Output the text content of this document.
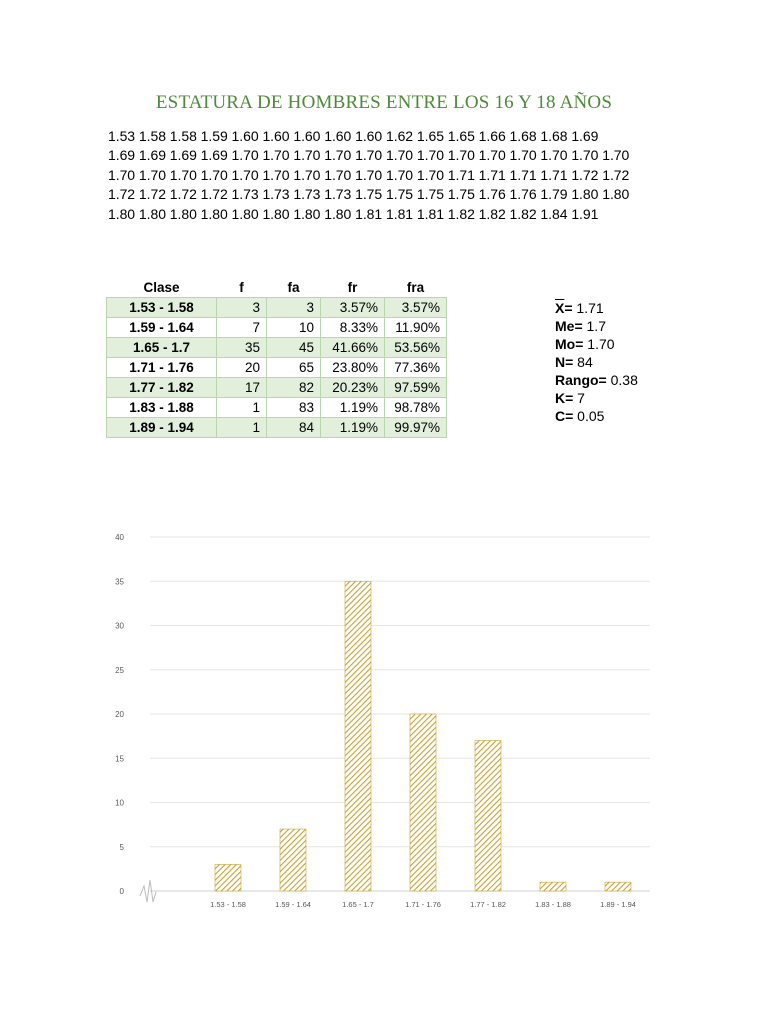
ESTATURA DE HOMBRES ENTRE LOS 16 Y 18 AÑOS
1.53 1.58 1.58 1.59 1.60 1.60 1.60 1.60 1.60 1.62 1.65 1.65 1.66 1.68 1.68 1.69
1.69 1.69 1.69 1.69 1.70 1.70 1.70 1.70 1.70 1.70 1.70 1.70 1.70 1.70 1.70 1.70 1.70
1.70 1.70 1.70 1.70 1.70 1.70 1.70 1.70 1.70 1.70 1.70 1.71 1.71 1.71 1.71 1.72 1.72
1.72 1.72 1.72 1.72 1.73 1.73 1.73 1.73 1.75 1.75 1.75 1.75 1.76 1.76 1.79 1.80 1.80
1.80 1.80 1.80 1.80 1.80 1.80 1.80 1.80 1.81 1.81 1.81 1.82 1.82 1.82 1.84 1.91
Clase	f	fa	fr	fra
1.53 - 1.58	3	3	3.57%	3.57%
1.59 - 1.64	7	10	8.33%	11.90%
1.65 - 1.7	35	45	41.66%	53.56%
1.71 - 1.76	20	65	23.80%	77.36%
1.77 - 1.82	17	82	20.23%	97.59%
1.83 - 1.88	1	83	1.19%	98.78%
1.89 - 1.94	1	84	1.19%	99.97%
$\overline{X}= 1.71$
Me= 1.7
Mo= 1.70
N= 84
Rango= 0.38
K= 7
C= 0.05
0
5
10
15
20
25
30
35
40
1.53 - 1.58	1.59 - 1.64	1.65 - 1.7	1.71 - 1.76	1.77 - 1.82	1.83 - 1.88	1.89 - 1.94
